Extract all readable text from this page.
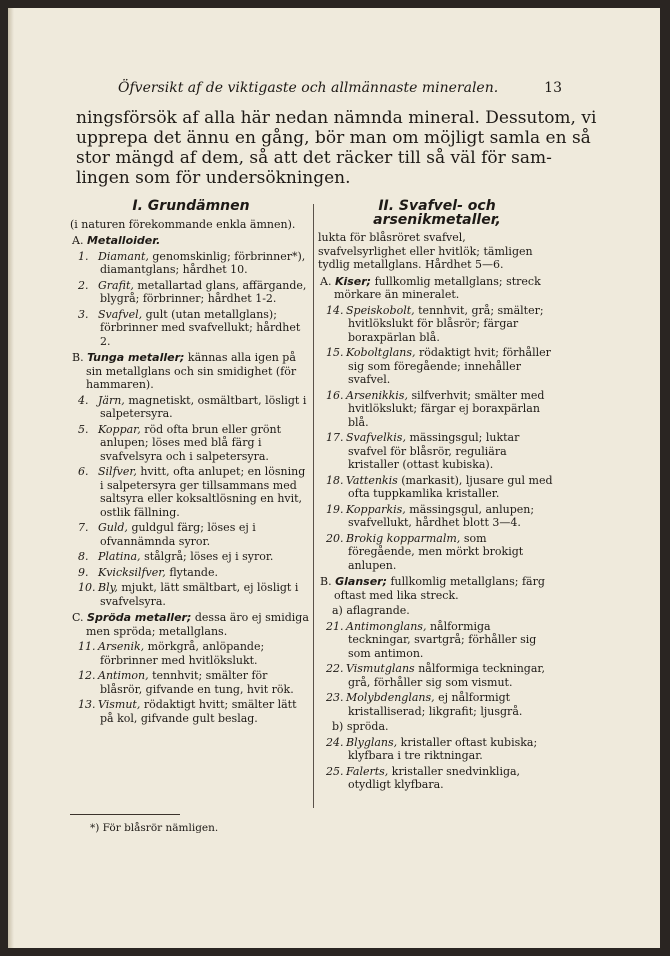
Öfversikt af de viktigaste och allmännaste mineralen.	13
ningsförsök af alla här nedan nämnda mineral. Dessutom, vi
upprepa det ännu en gång, bör man om möjligt samla en så
stor mängd af dem, så att det räcker till så väl för sam-
lingen som för undersökningen.
I. Grundämnen
(i naturen förekommande enkla ämnen).
A. Metalloider.
1. Diamant, genomskinlig; förbrinner*), diamantglans; hårdhet 10.
2. Grafit, metallartad glans, affärgande, blygrå; förbrinner; hårdhet 1-2.
3. Svafvel, gult (utan metallglans); förbrinner med svafvellukt; hårdhet 2.
B. Tunga metaller; kännas alla igen på sin metallglans och sin smidighet (för hammaren).
4. Järn, magnetiskt, osmältbart, lösligt i salpetersyra.
5. Koppar, röd ofta brun eller grönt anlupen; löses med blå färg i svafvelsyra och i salpetersyra.
6. Silfver, hvitt, ofta anlupet; en lösning i salpetersyra ger tillsammans med saltsyra eller koksaltlösning en hvit, ostlik fällning.
7. Guld, guldgul färg; löses ej i ofvannämnda syror.
8. Platina, stålgrå; löses ej i syror.
9. Kvicksilfver, flytande.
10. Bly, mjukt, lätt smältbart, ej lösligt i svafvelsyra.
C. Spröda metaller; dessa äro ej smidiga men spröda; metallglans.
11. Arsenik, mörkgrå, anlöpande; förbrinner med hvitlökslukt.
12. Antimon, tennhvit; smälter för blåsrör, gifvande en tung, hvit rök.
13. Vismut, rödaktigt hvitt; smälter lätt på kol, gifvande gult beslag.
II. Svafvel- och arsenikmetaller,
lukta för blåsröret svafvel, svafvelsyrlighet eller hvitlök; tämligen tydlig metallglans. Hårdhet 5—6.
A. Kiser; fullkomlig metallglans; streck mörkare än mineralet.
14. Speiskobolt, tennhvit, grå; smälter; hvitlökslukt för blåsrör; färgar boraxpärlan blå.
15. Koboltglans, rödaktigt hvit; förhåller sig som föregående; innehåller svafvel.
16. Arsenikkis, silfverhvit; smälter med hvitlökslukt; färgar ej boraxpärlan blå.
17. Svafvelkis, mässingsgul; luktar svafvel för blåsrör, reguliära kristaller (ottast kubiska).
18. Vattenkis (markasit), ljusare gul med ofta tuppkamlika kristaller.
19. Kopparkis, mässingsgul, anlupen; svafvellukt, hårdhet blott 3—4.
20. Brokig kopparmalm, som föregående, men mörkt brokigt anlupen.
B. Glanser; fullkomlig metallglans; färg oftast med lika streck.
a) aflagrande.
21. Antimonglans, nålformiga teckningar, svartgrå; förhåller sig som antimon.
22. Vismutglans nålformiga teckningar, grå, förhåller sig som vismut.
23. Molybdenglans, ej nålformigt kristalliserad; likgrafit; ljusgrå.
b) spröda.
24. Blyglans, kristaller oftast kubiska; klyfbara i tre riktningar.
25. Falerts, kristaller snedvinkliga, otydligt klyfbara.
*) För blåsrör nämligen.
